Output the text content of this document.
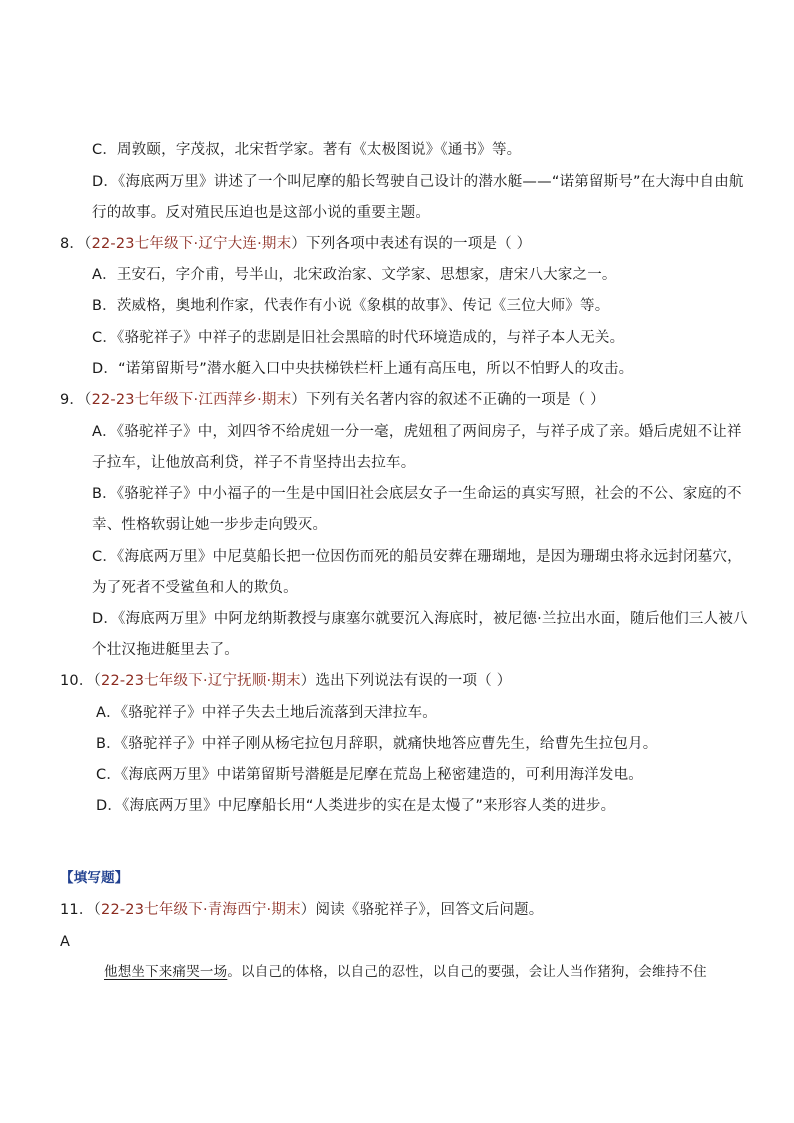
C．周敦颐，字茂叔，北宋哲学家。著有《太极图说》《通书》等。
D．《海底两万里》讲述了一个叫尼摩的船长驾驶自己设计的潜水艇——“诺第留斯号”在大海中自由航
行的故事。反对殖民压迫也是这部小说的重要主题。
8．（22-23七年级下·辽宁大连·期末）下列各项中表述有误的一项是（ ）
A．王安石，字介甫，号半山，北宋政治家、文学家、思想家，唐宋八大家之一。
B．茨威格，奥地利作家，代表作有小说《象棋的故事》、传记《三位大师》等。
C．《骆驼祥子》中祥子的悲剧是旧社会黑暗的时代环境造成的，与祥子本人无关。
D．“诺第留斯号”潜水艇入口中央扶梯铁栏杆上通有高压电，所以不怕野人的攻击。
9．（22-23七年级下·江西萍乡·期末）下列有关名著内容的叙述不正确的一项是（ ）
A．《骆驼祥子》中，刘四爷不给虎妞一分一毫，虎妞租了两间房子，与祥子成了亲。婚后虎妞不让祥
子拉车，让他放高利贷，祥子不肯坚持出去拉车。
B．《骆驼祥子》中小福子的一生是中国旧社会底层女子一生命运的真实写照，社会的不公、家庭的不
幸、性格软弱让她一步步走向毁灭。
C．《海底两万里》中尼莫船长把一位因伤而死的船员安葬在珊瑚地，是因为珊瑚虫将永远封闭墓穴，
为了死者不受鲨鱼和人的欺负。
D．《海底两万里》中阿龙纳斯教授与康塞尔就要沉入海底时，被尼德·兰拉出水面，随后他们三人被八
个壮汉拖进艇里去了。
10．（22-23七年级下·辽宁抚顺·期末）选出下列说法有误的一项（ ）
A．《骆驼祥子》中祥子失去土地后流落到天津拉车。
B．《骆驼祥子》中祥子刚从杨宅拉包月辞职，就痛快地答应曹先生，给曹先生拉包月。
C．《海底两万里》中诺第留斯号潜艇是尼摩在荒岛上秘密建造的，可利用海洋发电。
D．《海底两万里》中尼摩船长用“人类进步的实在是太慢了”来形容人类的进步。
【填写题】
11．（22-23七年级下·青海西宁·期末）阅读《骆驼祥子》，回答文后问题。
A
他想坐下来痛哭一场。以自己的体格，以自己的忍性，以自己的要强，会让人当作猪狗，会维持不住
